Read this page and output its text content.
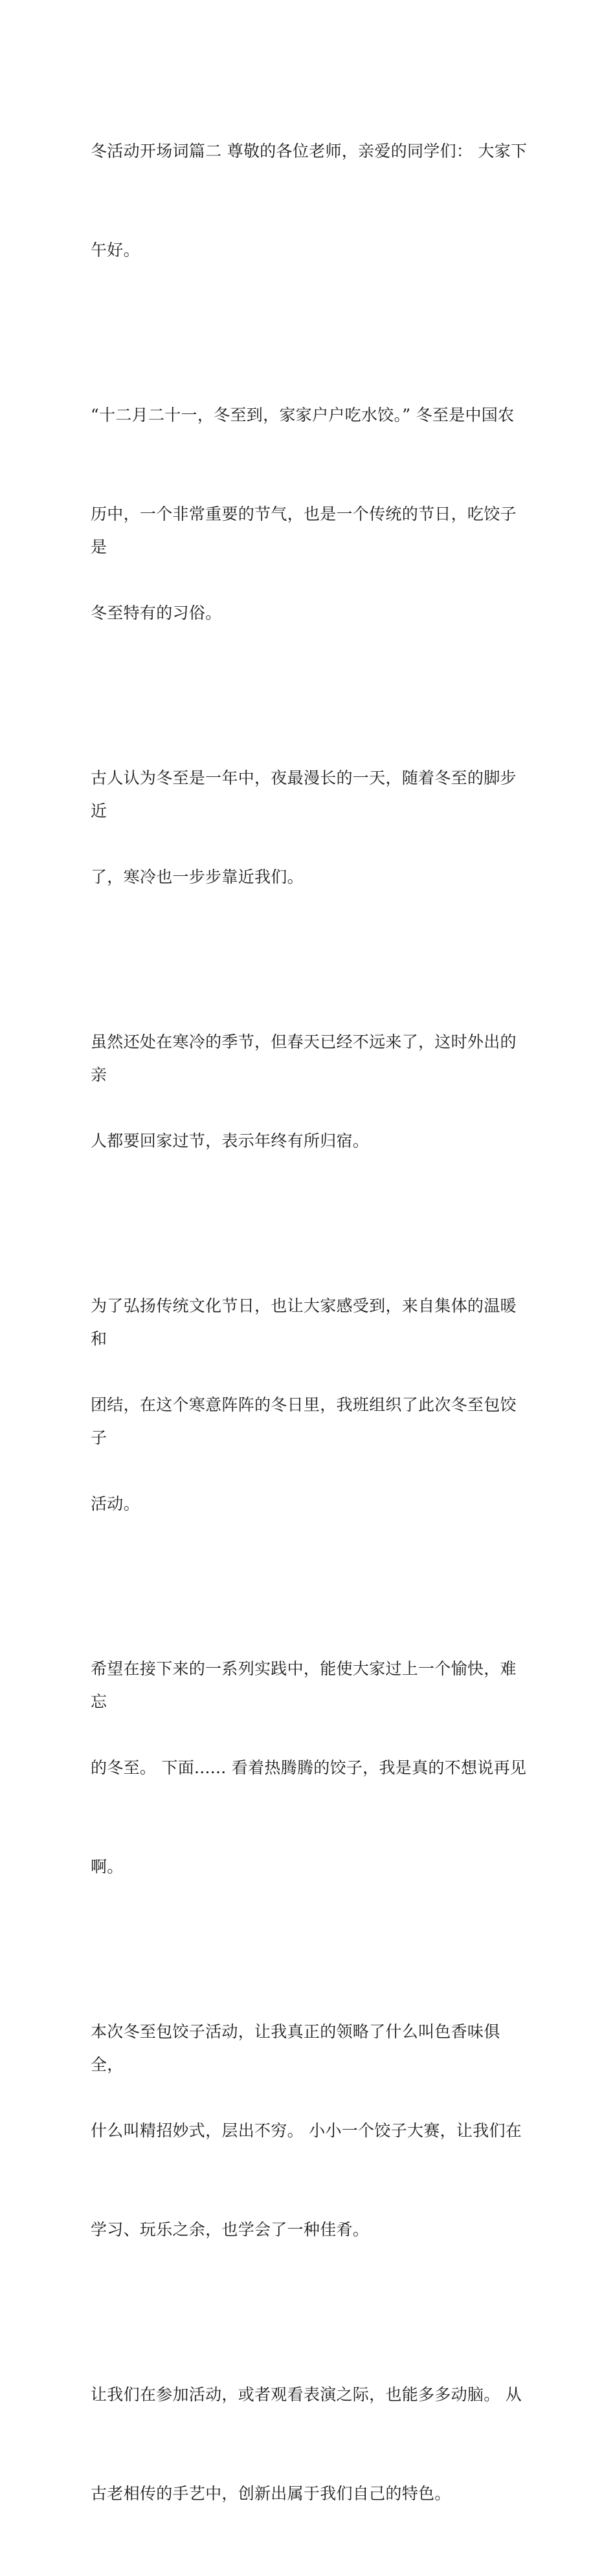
冬活动开场词篇二 尊敬的各位老师，亲爱的同学们： 大家下

午好。

“十二月二十一，冬至到，家家户户吃水饺。” 冬至是中国农

历中，一个非常重要的节气，也是一个传统的节日，吃饺子是

冬至特有的习俗。

古人认为冬至是一年中，夜最漫长的一天，随着冬至的脚步近

了，寒冷也一步步靠近我们。

虽然还处在寒冷的季节，但春天已经不远来了，这时外出的亲

人都要回家过节，表示年终有所归宿。

为了弘扬传统文化节日，也让大家感受到，来自集体的温暖和

团结，在这个寒意阵阵的冬日里，我班组织了此次冬至包饺子

活动。

希望在接下来的一系列实践中，能使大家过上一个愉快，难忘

的冬至。 下面...... 看着热腾腾的饺子，我是真的不想说再见

啊。

本次冬至包饺子活动，让我真正的领略了什么叫色香味俱全，

什么叫精招妙式，层出不穷。 小小一个饺子大赛，让我们在

学习、玩乐之余，也学会了一种佳肴。

让我们在参加活动，或者观看表演之际，也能多多动脑。 从

古老相传的手艺中，创新出属于我们自己的特色。
